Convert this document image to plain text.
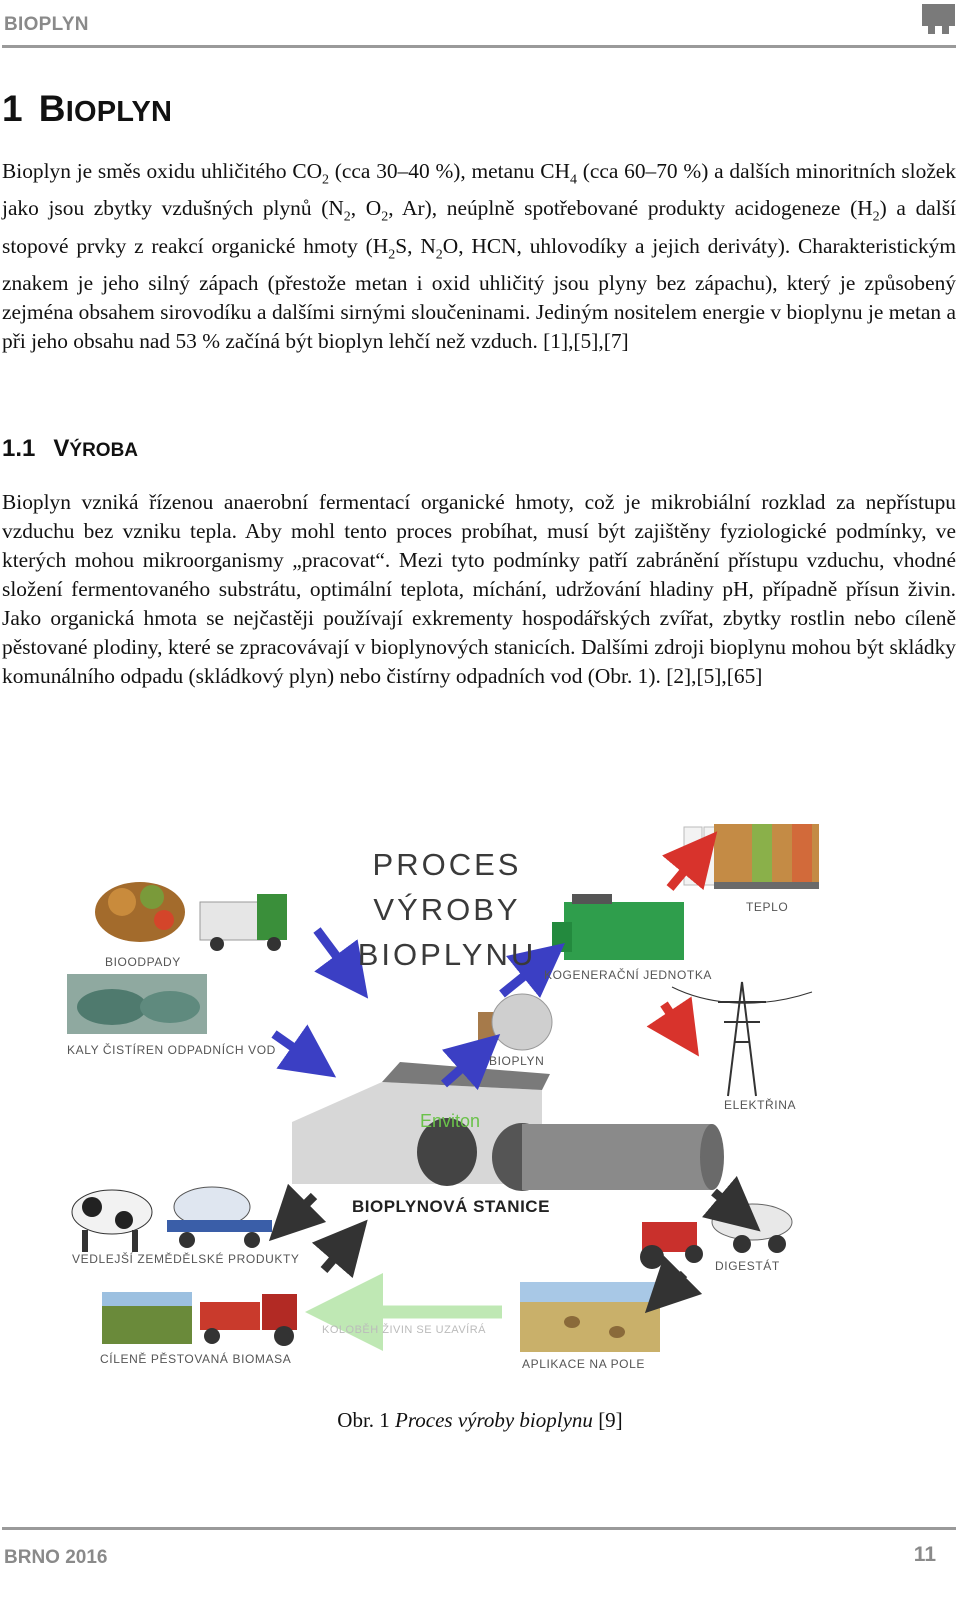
BIOPLYN
1 BIOPLYN

Bioplyn je směs oxidu uhličitého $CO_2$ (cca 30–40 %), metanu $CH_4$ (cca 60–70 %) a dalších minoritních složek jako jsou zbytky vzdušných plynů ($N_2$, $O_2$, Ar), neúplně spotřebované produkty acidogeneze $(H_2)$ a další stopové prvky z reakcí organické hmoty ($H_2S$, $N_2O$, HCN, uhlovodíky a jejich deriváty). Charakteristickým znakem je jeho silný zápach (přestože metan i oxid uhličitý jsou plyny bez zápachu), který je způsobený zejména obsahem sirovodíku a dalšími sirnými sloučeninami. Jediným nositelem energie v bioplynu je metan a při jeho obsahu nad 53 % začíná být bioplyn lehčí než vzduch. [1],[5],[7]

1.1 VÝROBA

Bioplyn vzniká řízenou anaerobní fermentací organické hmoty, což je mikrobiální rozklad za nepřístupu vzduchu bez vzniku tepla. Aby mohl tento proces probíhat, musí být zajištěny fyziologické podmínky, ve kterých mohou mikroorganismy „pracovat“. Mezi tyto podmínky patří zabránění přístupu vzduchu, vhodné složení fermentovaného substrátu, optimální teplota, míchání, udržování hladiny pH, případně přísun živin. Jako organická hmota se nejčastěji používají exkrementy hospodářských zvířat, zbytky rostlin nebo cíleně pěstované plodiny, které se zpracovávají v bioplynových stanicích. Dalšími zdroji bioplynu mohou být skládky komunálního odpadu (skládkový plyn) nebo čistírny odpadních vod (Obr. 1). [2],[5],[65]

Enviton
PROCES
VÝROBY
BIOPLYNU
BIOODPADY
KALY ČISTÍREN ODPADNÍCH VOD
BIOPLYN
KOGENERAČNÍ JEDNOTKA
TEPLO
ELEKTŘINA
BIOPLYNOVÁ STANICE
VEDLEJŠÍ ZEMĚDĚLSKÉ PRODUKTY	DIGESTÁT
CÍLENĚ PĚSTOVANÁ BIOMASA	APLIKACE NA POLE
KOLOBĚH ŽIVIN SE UZAVÍRÁ
Obr. 1 Proces výroby bioplynu [9]
BRNO 2016	11
